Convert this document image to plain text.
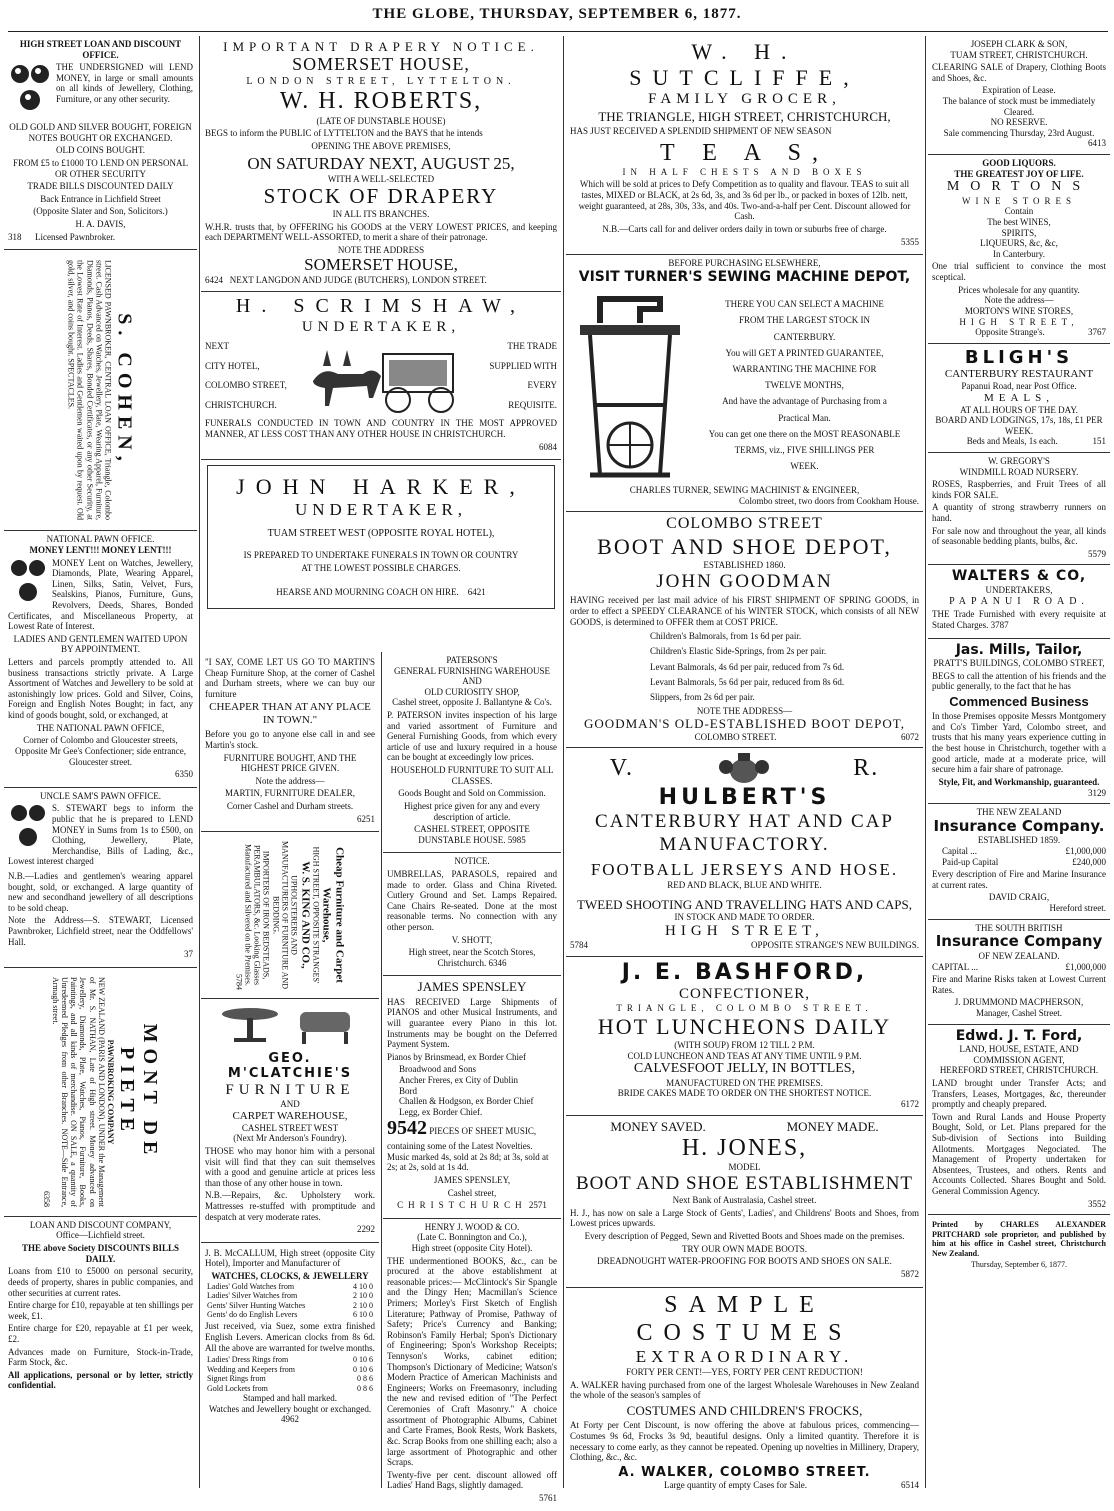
THE GLOBE, THURSDAY, SEPTEMBER 6, 1877.
HIGH STREET LOAN AND DISCOUNT OFFICE.

THE UNDERSIGNED will LEND MONEY, in large or small amounts on all kinds of Jewellery, Clothing, Furniture, or any other security.

OLD GOLD AND SILVER BOUGHT, FOREIGN NOTES BOUGHT OR EXCHANGED.

OLD COINS BOUGHT.

FROM £5 to £1000 TO LEND ON PERSONAL OR OTHER SECURITY

TRADE BILLS DISCOUNTED DAILY

Back Entrance in Lichfield Street

(Opposite Slater and Son, Solicitors.)

H. A. DAVIS,

318 Licensed Pawnbroker.

S. COHEN,
LICENSED PAWNBROKER, CENTRAL LOAN OFFICE, Triangle, Colombo street. Cash Advanced on Watches, Jewellery, Plate, Wearing Apparel, Furniture, Diamonds, Pianos, Deeds, Shares, Bonded Certificates, or any other Security, at the Lowest Rate of Interest. Ladies and Gentlemen waited upon by request. Old gold, silver, and coins bought. SPECTACLES.
NATIONAL PAWN OFFICE.
MONEY LENT!!! MONEY LENT!!!

MONEY Lent on Watches, Jewellery, Diamonds, Plate, Wearing Apparel, Linen, Silks, Satin, Velvet, Furs, Sealskins, Pianos, Furniture, Guns, Revolvers, Deeds, Shares, Bonded Certificates, and Miscellaneous Property, at Lowest Rate of Interest.

LADIES AND GENTLEMEN WAITED UPON BY APPOINTMENT.

Letters and parcels promptly attended to. All business transactions strictly private. A Large Assortment of Watches and Jewellery to be sold at astonishingly low prices. Gold and Silver, Coins, Foreign and English Notes Bought; in fact, any kind of goods bought, sold, or exchanged, at

THE NATIONAL PAWN OFFICE,

Corner of Colombo and Gloucester streets, Opposite Mr Gee's Confectioner; side entrance, Gloucester street.

6350

UNCLE SAM'S PAWN OFFICE.

S. STEWART begs to inform the public that he is prepared to LEND MONEY in Sums from 1s to £500, on Clothing, Jewellery, Plate, Merchandise, Bills of Lading, &c., Lowest interest charged

N.B.—Ladies and gentlemen's wearing apparel bought, sold, or exchanged. A large quantity of new and secondhand jewellery of all descriptions to be sold cheap.

Note the Address—S. STEWART, Licensed Pawnbroker, Lichfield street, near the Oddfellows' Hall.

37

MONT DE PIETE
PAWNBROKING COMPANY
NEW ZEALAND (PARIS AND LONDON). UNDER the Management of Mr. S. NATHAN, Late of High street. Money advanced on Jewellery, Diamonds, Plate, Watches, Pianos, Furniture, Books, Paintings, and all kinds of merchandise. ON SALE, a quantity of Unredeemed Pledges from other Branches. NOTE—Side Entrance, Armagh street.
6358
LOAN AND DISCOUNT COMPANY,
Office—Lichfield street.

THE above Society DISCOUNTS BILLS DAILY.

Loans from £10 to £5000 on personal security, deeds of property, shares in public companies, and other securities at current rates.

Entire charge for £10, repayable at ten shillings per week, £1.

Entire charge for £20, repayable at £1 per week, £2.

Advances made on Furniture, Stock-in-Trade, Farm Stock, &c.

All applications, personal or by letter, strictly confidential.

IMPORTANT DRAPERY NOTICE.
SOMERSET HOUSE,
LONDON STREET, LYTTELTON.
W. H. ROBERTS,
(LATE OF DUNSTABLE HOUSE)

BEGS to inform the PUBLIC of LYTTELTON and the BAYS that he intends

OPENING THE ABOVE PREMISES,

ON SATURDAY NEXT, AUGUST 25,
WITH A WELL-SELECTED
STOCK OF DRAPERY
IN ALL ITS BRANCHES.

W.H.R. trusts that, by OFFERING his GOODS at the VERY LOWEST PRICES, and keeping each DEPARTMENT WELL-ASSORTED, to merit a share of their patronage.

NOTE THE ADDRESS
SOMERSET HOUSE,
6424 NEXT LANGDON AND JUDGE (BUTCHERS), LONDON STREET.
H. SCRIMSHAW,
UNDERTAKER,
NEXT
CITY HOTEL,
COLOMBO STREET,
CHRISTCHURCH.
THE TRADE
SUPPLIED WITH
EVERY
REQUISITE.

FUNERALS CONDUCTED IN TOWN AND COUNTRY IN THE MOST APPROVED MANNER, AT LESS COST THAN ANY OTHER HOUSE IN CHRISTCHURCH.

6084

JOHN HARKER,
UNDERTAKER,

TUAM STREET WEST (OPPOSITE ROYAL HOTEL),

IS PREPARED TO UNDERTAKE FUNERALS IN TOWN OR COUNTRY

AT THE LOWEST POSSIBLE CHARGES.

HEARSE AND MOURNING COACH ON HIRE. 6421

"I SAY, COME LET US GO TO MARTIN'S Cheap Furniture Shop, at the corner of Cashel and Durham streets, where we can buy our furniture

CHEAPER THAN AT ANY PLACE IN TOWN."

Before you go to anyone else call in and see Martin's stock.

FURNITURE BOUGHT, AND THE HIGHEST PRICE GIVEN.

Note the address—

MARTIN, FURNITURE DEALER,

Corner Cashel and Durham streets.

6251

Cheap Furniture and Carpet Warehouse,
HIGH STREET, OPPOSITE STRANGES'
W. S. KING AND CO.,
UPHOLSTERERS AND MANUFACTURERS OF FURNITURE AND BEDDING.
IMPORTERS OF IRON BEDSTEADS, PERAMBULATORS, &c. Looking Glasses Manufactured and Silvered on the Premises.
5784
GEO. M'CLATCHIE'S
FURNITURE
AND
CARPET WAREHOUSE,
CASHEL STREET WEST
(Next Mr Anderson's Foundry).

THOSE who may honor him with a personal visit will find that they can suit themselves with a good and genuine article at prices less than those of any other house in town.

N.B.—Repairs, &c. Upholstery work. Mattresses re-stuffed with promptitude and despatch at very moderate rates.

2292

J. B. McCALLUM, High street (opposite City Hotel), Importer and Manufacturer of

WATCHES, CLOCKS, & JEWELLERY
Ladies' Gold Watches from	4 10 0
Ladies' Silver Watches from	2 10 0
Gents' Silver Hunting Watches	2 10 0
Gents' do do English Levers	6 10 0

Just received, via Suez, some extra finished English Levers. American clocks from 8s 6d. All the above are warranted for twelve months.

Ladies' Dress Rings from	0 10 6
Wedding and Keepers from	0 10 6
Signet Rings from	0 8 6
Gold Lockets from	0 8 6
Stamped and hall marked.
Watches and Jewellery bought or exchanged. 4962
PATERSON'S
GENERAL FURNISHING WAREHOUSE
AND
OLD CURIOSITY SHOP,
Cashel street, opposite J. Ballantyne & Co's.

P. PATERSON invites inspection of his large and varied assortment of Furniture and General Furnishing Goods, from which every article of use and luxury required in a house can be bought at exceedingly low prices.

HOUSEHOLD FURNITURE TO SUIT ALL CLASSES.

Goods Bought and Sold on Commission.

Highest price given for any and every description of article.

CASHEL STREET, OPPOSITE DUNSTABLE HOUSE. 5985

NOTICE.

UMBRELLAS, PARASOLS, repaired and made to order. Glass and China Riveted. Cutlery Ground and Set. Lamps Repaired. Cane Chairs Re-seated. Done at the most reasonable terms. No connection with any other person.

V. SHOTT,

High street, near the Scotch Stores, Christchurch. 6346

JAMES SPENSLEY

HAS RECEIVED Large Shipments of PIANOS and other Musical Instruments, and will guarantee every Piano in this lot. Instruments may be bought on the Deferred Payment System.

Pianos by Brinsmead, ex Border Chief

Broadwood and Sons
Ancher Freres, ex City of Dublin
Bord
Challen & Hodgson, ex Border Chief
Legg, ex Border Chief.
9542 PIECES OF SHEET MUSIC, containing some of the Latest Novelties. Music marked 4s, sold at 2s 8d; at 3s, sold at 2s; at 2s, sold at 1s 4d.

JAMES SPENSLEY,

Cashel street,

CHRISTCHURCH 2571

HENRY J. WOOD & CO.
(Late C. Bonnington and Co.),
High street (opposite City Hotel).

THE undermentioned BOOKS, &c., can be procured at the above establishment at reasonable prices:— McClintock's Sir Spangle and the Dingy Hen; Macmillan's Science Primers; Morley's First Sketch of English Literature; Pathway of Promise, Pathway of Safety; Price's Currency and Banking; Robinson's Family Herbal; Spon's Dictionary of Engineering; Spon's Workshop Receipts; Tennyson's Works, cabinet edition; Thompson's Dictionary of Medicine; Watson's Modern Practice of American Machinists and Engineers; Works on Freemasonry, including the new and revised edition of "The Perfect Ceremonies of Craft Masonry." A choice assortment of Photographic Albums, Cabinet and Carte Frames, Book Rests, Work Baskets, &c. Scrap Books from one shilling each; also a large assortment of Photographic and other Scraps.

Twenty-five per cent. discount allowed off Ladies' Hand Bags, slightly damaged.

5761

W. H. SUTCLIFFE,
FAMILY GROCER,
THE TRIANGLE, HIGH STREET, CHRISTCHURCH,

HAS JUST RECEIVED A SPLENDID SHIPMENT OF NEW SEASON

T E A S,
IN HALF CHESTS AND BOXES

Which will be sold at prices to Defy Competition as to quality and flavour. TEAS to suit all tastes, MIXED or BLACK, at 2s 6d, 3s, and 3s 6d per lb., or packed in boxes of 12lb. nett, weight guaranteed, at 28s, 30s, 33s, and 40s. Two-and-a-half per Cent. Discount allowed for Cash.

N.B.—Carts call for and deliver orders daily in town or suburbs free of charge.

5355

BEFORE PURCHASING ELSEWHERE,
VISIT TURNER'S SEWING MACHINE DEPOT,
THERE YOU CAN SELECT A MACHINE
FROM THE LARGEST STOCK IN
CANTERBURY.
You will GET A PRINTED GUARANTEE,
WARRANTING THE MACHINE FOR
TWELVE MONTHS,
And have the advantage of Purchasing from a
Practical Man.
You can get one there on the MOST REASONABLE
TERMS, viz., FIVE SHILLINGS PER
WEEK.
CHARLES TURNER, SEWING MACHINIST & ENGINEER,
Colombo street, two doors from Cookham House.
COLOMBO STREET
BOOT AND SHOE DEPOT,
ESTABLISHED 1860.
JOHN GOODMAN

HAVING received per last mail advice of his FIRST SHIPMENT OF SPRING GOODS, in order to effect a SPEEDY CLEARANCE of his WINTER STOCK, which consists of all NEW GOODS, is determined to OFFER them at COST PRICE.

Children's Balmorals, from 1s 6d per pair.
Children's Elastic Side-Springs, from 2s per pair.
Levant Balmorals, 4s 6d per pair, reduced from 7s 6d.
Levant Balmorals, 5s 6d per pair, reduced from 8s 6d.
Slippers, from 2s 6d per pair.
NOTE THE ADDRESS—
GOODMAN'S OLD-ESTABLISHED BOOT DEPOT,
COLOMBO STREET.	6072
V.	R.
HULBERT'S
CANTERBURY HAT AND CAP MANUFACTORY.
FOOTBALL JERSEYS AND HOSE.
RED AND BLACK, BLUE AND WHITE.
TWEED SHOOTING AND TRAVELLING HATS AND CAPS,
IN STOCK AND MADE TO ORDER.
HIGH STREET,
5784	OPPOSITE STRANGE'S NEW BUILDINGS.
J. E. BASHFORD,
CONFECTIONER,
TRIANGLE, COLOMBO STREET.
HOT LUNCHEONS DAILY
(WITH SOUP) FROM 12 TILL 2 P.M.
COLD LUNCHEON AND TEAS AT ANY TIME UNTIL 9 P.M.
CALVESFOOT JELLY, IN BOTTLES,
MANUFACTURED ON THE PREMISES.
BRIDE CAKES MADE TO ORDER ON THE SHORTEST NOTICE.
6172
MONEY SAVED.	MONEY MADE.
H. JONES,
MODEL
BOOT AND SHOE ESTABLISHMENT
Next Bank of Australasia, Cashel street.

H. J., has now on sale a Large Stock of Gents', Ladies', and Childrens' Boots and Shoes, from Lowest prices upwards.

Every description of Pegged, Sewn and Rivetted Boots and Shoes made on the premises.

TRY OUR OWN MADE BOOTS.

DREADNOUGHT WATER-PROOFING FOR BOOTS AND SHOES ON SALE.

5872

SAMPLE COSTUMES
EXTRAORDINARY.
FORTY PER CENT!—YES, FORTY PER CENT REDUCTION!

A. WALKER having purchased from one of the largest Wholesale Warehouses in New Zealand the whole of the season's samples of

COSTUMES AND CHILDREN'S FROCKS,

At Forty per Cent Discount, is now offering the above at fabulous prices, commencing—Costumes 9s 6d, Frocks 3s 9d, beautiful designs. Only a limited quantity. Therefore it is necessary to come early, as they cannot be repeated. Opening up novelties in Millinery, Drapery, Clothing, &c., &c.

A. WALKER, COLOMBO STREET.
Large quantity of empty Cases for Sale.	6514
JOSEPH CLARK & SON,
TUAM STREET, CHRISTCHURCH.

CLEARING SALE of Drapery, Clothing Boots and Shoes, &c.

Expiration of Lease.
The balance of stock must be immediately Cleared.
NO RESERVE.
Sale commencing Thursday, 23rd August.
6413
GOOD LIQUORS.
THE GREATEST JOY OF LIFE.
MORTONS
WINE STORES
Contain
The best WINES,
SPIRITS,
LIQUEURS, &c, &c,
In Canterbury.

One trial sufficient to convince the most sceptical.

Prices wholesale for any quantity.
Note the address—
MORTON'S WINE STORES,
HIGH STREET,
Opposite Strange's.	3767
BLIGH'S
CANTERBURY RESTAURANT
Papanui Road, near Post Office.
MEALS,
AT ALL HOURS OF THE DAY.
BOARD AND LODGINGS, 17s, 18s, £1 PER WEEK.
Beds and Meals, 1s each.	151
W. GREGORY'S
WINDMILL ROAD NURSERY.

ROSES, Raspberries, and Fruit Trees of all kinds FOR SALE.

A quantity of strong strawberry runners on hand.

For sale now and throughout the year, all kinds of seasonable bedding plants, bulbs, &c.

5579
WALTERS & CO,
UNDERTAKERS,
PAPANUI ROAD.

THE Trade Furnished with every requisite at Stated Charges. 3787

Jas. Mills, Tailor,
PRATT'S BUILDINGS, COLOMBO STREET,

BEGS to call the attention of his friends and the public generally, to the fact that he has

Commenced Business

In those Premises opposite Messrs Montgomery and Co's Timber Yard, Colombo street, and trusts that his many years experience cutting in the best house in Christchurch, together with a good article, made at a moderate price, will secure him a fair share of patronage.

Style, Fit, and Workmanship, guaranteed.
3129
THE NEW ZEALAND
Insurance Company.
ESTABLISHED 1859.
Capital ...	£1,000,000
Paid-up Capital	£240,000

Every description of Fire and Marine Insurance at current rates.

DAVID CRAIG,
Hereford street.
THE SOUTH BRITISH
Insurance Company
OF NEW ZEALAND.
CAPITAL ...	£1,000,000

Fire and Marine Risks taken at Lowest Current Rates.

J. DRUMMOND MACPHERSON,
Manager, Cashel Street.
Edwd. J. T. Ford,
LAND, HOUSE, ESTATE, AND
COMMISSION AGENT,
HEREFORD STREET, CHRISTCHURCH.

LAND brought under Transfer Acts; and Transfers, Leases, Mortgages, &c, thereunder promptly and cheaply prepared.

Town and Rural Lands and House Property Bought, Sold, or Let. Plans prepared for the Sub-division of Sections into Building Allotments. Mortgages Negociated. The Management of Property undertaken for Absentees, Trustees, and others. Rents and Accounts Collected. Shares Bought and Sold. General Commission Agency.

3552

Printed by CHARLES ALEXANDER PRITCHARD sole proprietor, and published by him at his office in Cashel street, Christchurch New Zealand.

Thursday, September 6, 1877.
